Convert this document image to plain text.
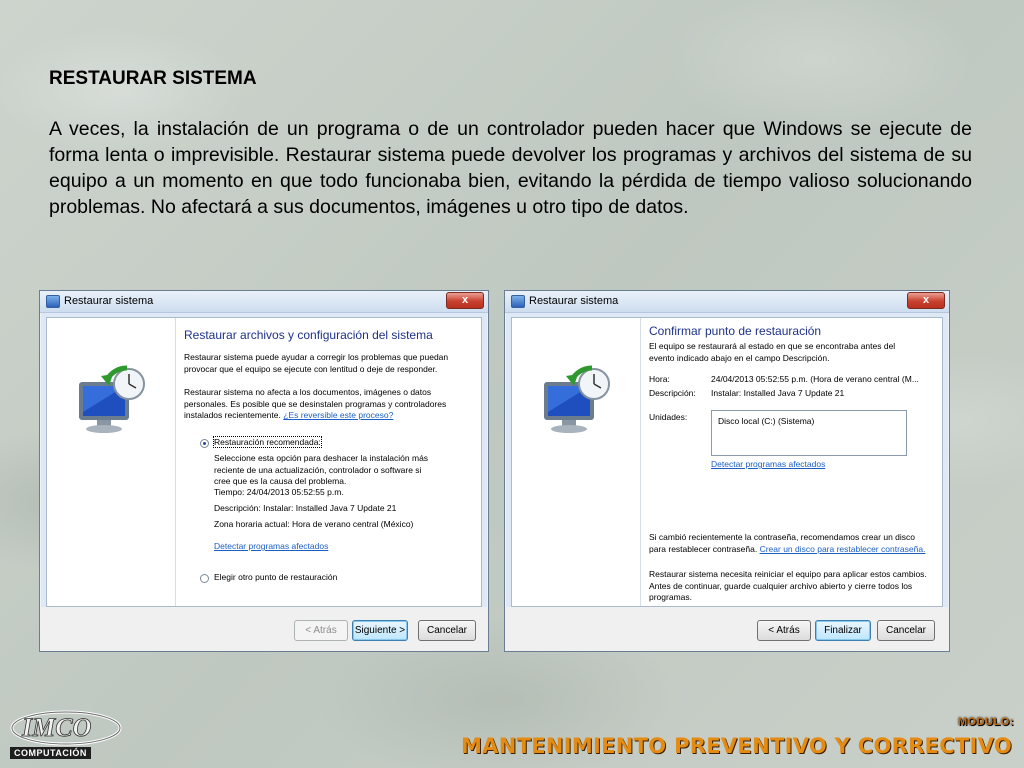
RESTAURAR SISTEMA
A veces, la instalación de un programa o de un controlador pueden hacer que Windows se ejecute de forma lenta o imprevisible. Restaurar sistema puede devolver los programas y archivos del sistema de su equipo a un momento en que todo funcionaba bien, evitando la pérdida de tiempo valioso solucionando problemas. No afectará a sus documentos, imágenes u otro tipo de datos.
Restaurar sistema	x
Restaurar archivos y configuración del sistema
Restaurar sistema puede ayudar a corregir los problemas que puedan provocar que el equipo se ejecute con lentitud o deje de responder.
Restaurar sistema no afecta a los documentos, imágenes o datos personales. Es posible que se desinstalen programas y controladores instalados recientemente. ¿Es reversible este proceso?
Restauración recomendada:
Seleccione esta opción para deshacer la instalación más reciente de una actualización, controlador o software si cree que es la causa del problema.
Tiempo: 24/04/2013 05:52:55 p.m.
Descripción: Instalar: Installed Java 7 Update 21
Zona horaria actual: Hora de verano central (México)
Detectar programas afectados
Elegir otro punto de restauración
< Atrás	Siguiente >	Cancelar
Restaurar sistema	x
Confirmar punto de restauración
El equipo se restaurará al estado en que se encontraba antes del evento indicado abajo en el campo Descripción.
Hora:	24/04/2013 05:52:55 p.m. (Hora de verano central (M...
Descripción: Instalar: Installed Java 7 Update 21
Unidades:	Disco local (C:) (Sistema)
Detectar programas afectados
Si cambió recientemente la contraseña, recomendamos crear un disco para restablecer contraseña. Crear un disco para restablecer contraseña.
Restaurar sistema necesita reiniciar el equipo para aplicar estos cambios. Antes de continuar, guarde cualquier archivo abierto y cierre todos los programas.
< Atrás	Finalizar	Cancelar
IMCO
COMPUTACIÓN
MODULO:
MANTENIMIENTO PREVENTIVO Y CORRECTIVO
